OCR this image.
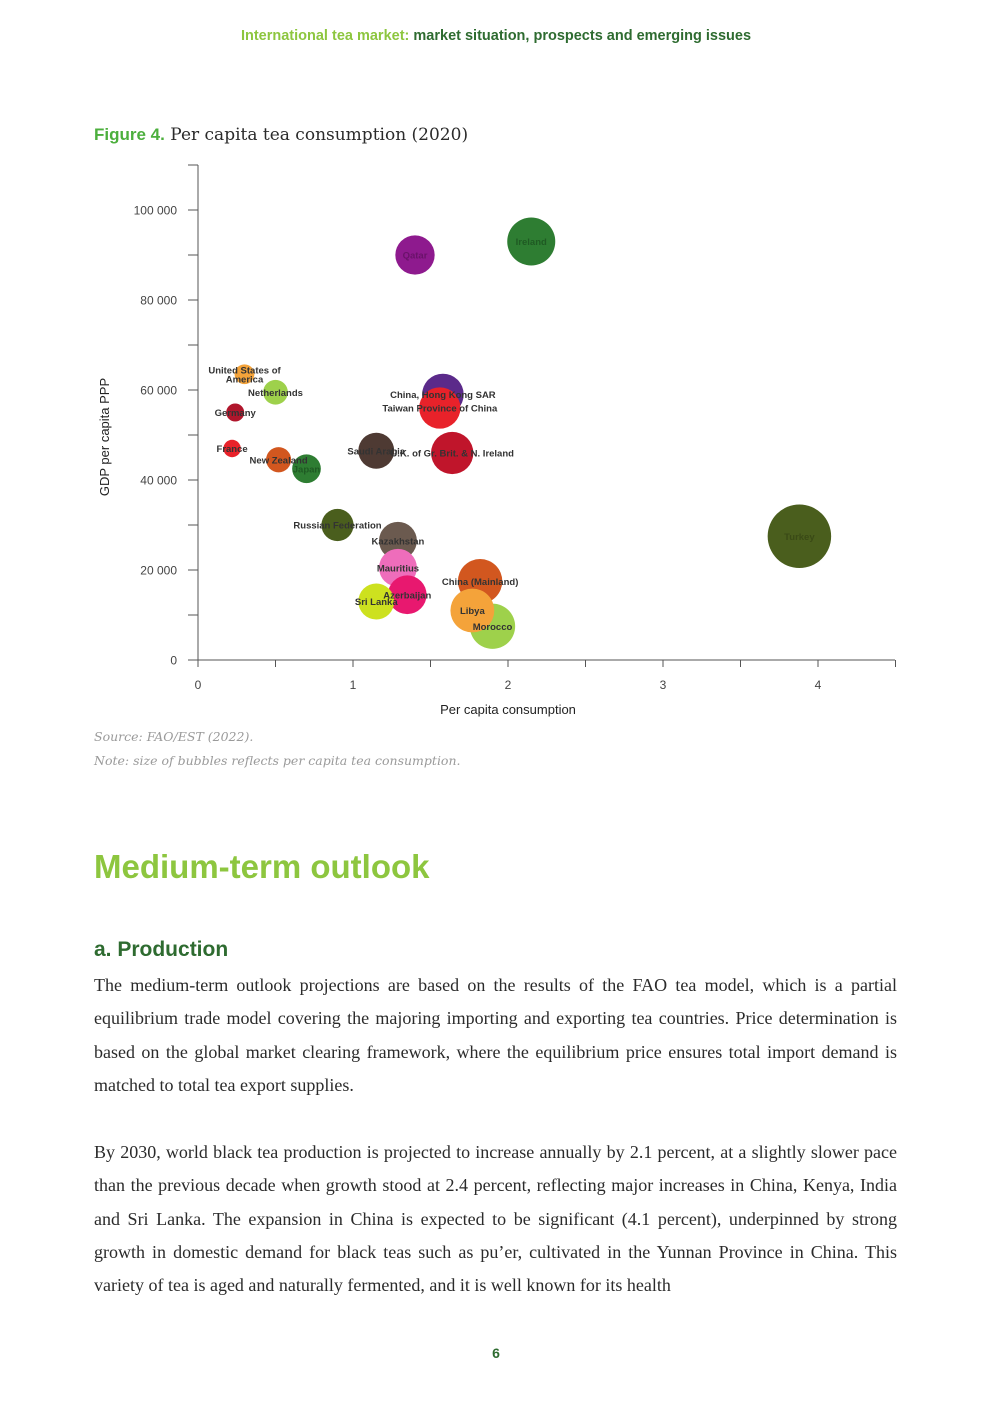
International tea market: market situation, prospects and emerging issues
Figure 4. Per capita tea consumption (2020)
0
20 000
40 000
60 000
80 000
100 000
0	1	2	3	4
Per capita consumption
GDP per capita PPP
Ireland
Qatar
China, Hong Kong SAR
Taiwan Province of China
U.K. of Gr. Brit. & N. Ireland
Saudi Arabia
United States of
America
Netherlands
Germany
France
New Zealand
Japan
Russian Federation
Kazakhstan	Turkey
Mauritius
Azerbaijan
Sri Lanka
China (Mainland)
Morocco
Libya
Source: FAO/EST (2022).
Note: size of bubbles reflects per capita tea consumption.
Medium-term outlook
a. Production

The medium-term outlook projections are based on the results of the FAO tea model, which is a partial equilibrium trade model covering the majoring importing and exporting tea countries. Price determination is based on the global market clearing framework, where the equilibrium price ensures total import demand is matched to total tea export supplies.

By 2030, world black tea production is projected to increase annually by 2.1 percent, at a slightly slower pace than the previous decade when growth stood at 2.4 percent, reflecting major increases in China, Kenya, India and Sri Lanka. The expansion in China is expected to be significant (4.1 percent), underpinned by strong growth in domestic demand for black teas such as pu’er, cultivated in the Yunnan Province in China. This variety of tea is aged and naturally fermented, and it is well known for its health

6
